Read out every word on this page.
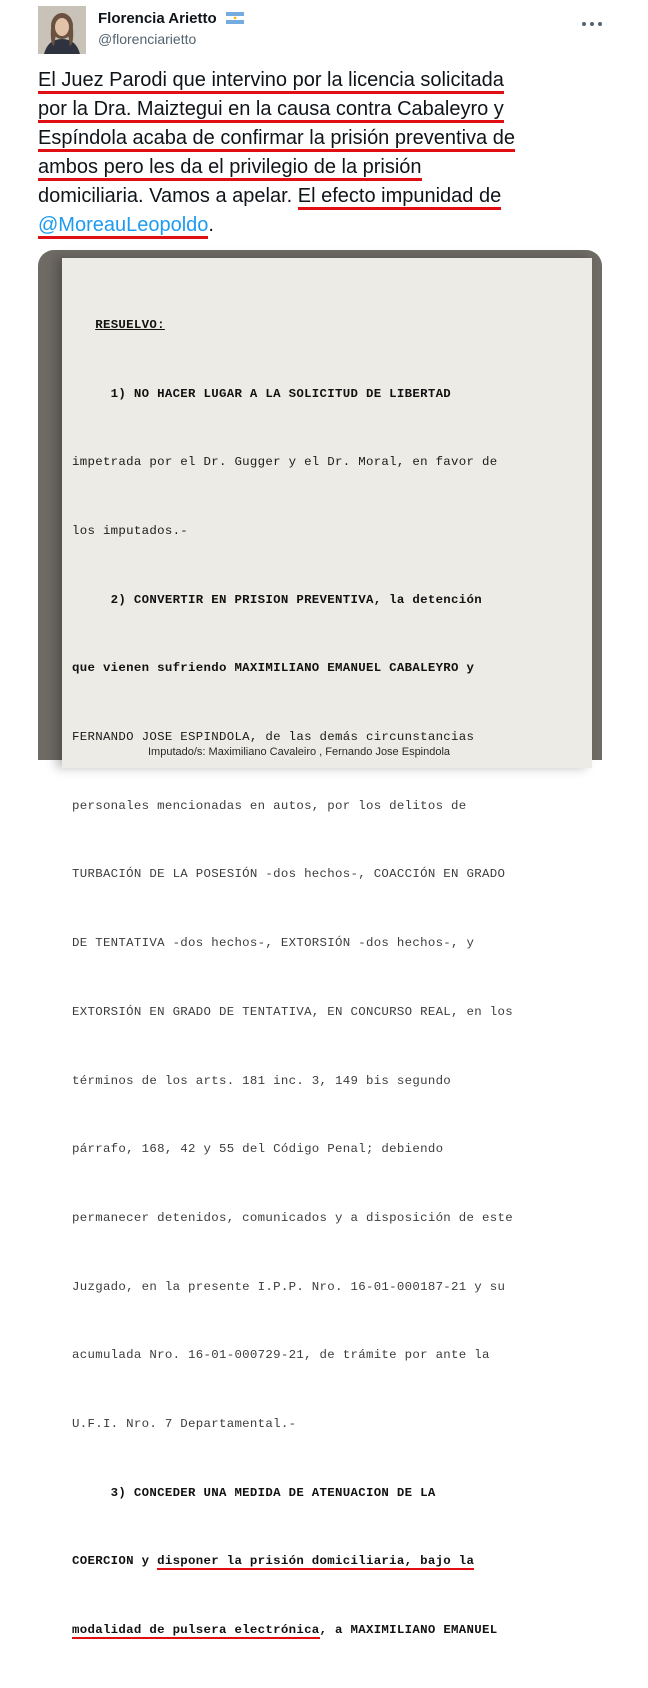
Florencia Arietto
@florenciarietto
El Juez Parodi que intervino por la licencia solicitada
por la Dra. Maiztegui en la causa contra Cabaleyro y
Espíndola acaba de confirmar la prisión preventiva de
ambos pero les da el privilegio de la prisión
domiciliaria. Vamos a apelar. El efecto impunidad de
@MoreauLeopoldo.

RESUELVO:

1) NO HACER LUGAR A LA SOLICITUD DE LIBERTAD

impetrada por el Dr. Gugger y el Dr. Moral, en favor de

los imputados.-

2) CONVERTIR EN PRISION PREVENTIVA, la detención

que vienen sufriendo MAXIMILIANO EMANUEL CABALEYRO y

FERNANDO JOSE ESPINDOLA, de las demás circunstancias

personales mencionadas en autos, por los delitos de

TURBACIÓN DE LA POSESIÓN -dos hechos-, COACCIÓN EN GRADO

DE TENTATIVA -dos hechos-, EXTORSIÓN -dos hechos-, y

EXTORSIÓN EN GRADO DE TENTATIVA, EN CONCURSO REAL, en los

términos de los arts. 181 inc. 3, 149 bis segundo

párrafo, 168, 42 y 55 del Código Penal; debiendo

permanecer detenidos, comunicados y a disposición de este

Juzgado, en la presente I.P.P. Nro. 16-01-000187-21 y su

acumulada Nro. 16-01-000729-21, de trámite por ante la

U.F.I. Nro. 7 Departamental.-

3) CONCEDER UNA MEDIDA DE ATENUACION DE LA

COERCION y disponer la prisión domiciliaria, bajo la

modalidad de pulsera electrónica, a MAXIMILIANO EMANUEL

Imputado/s: Maximiliano Cavaleiro , Fernando Jose Espindola
